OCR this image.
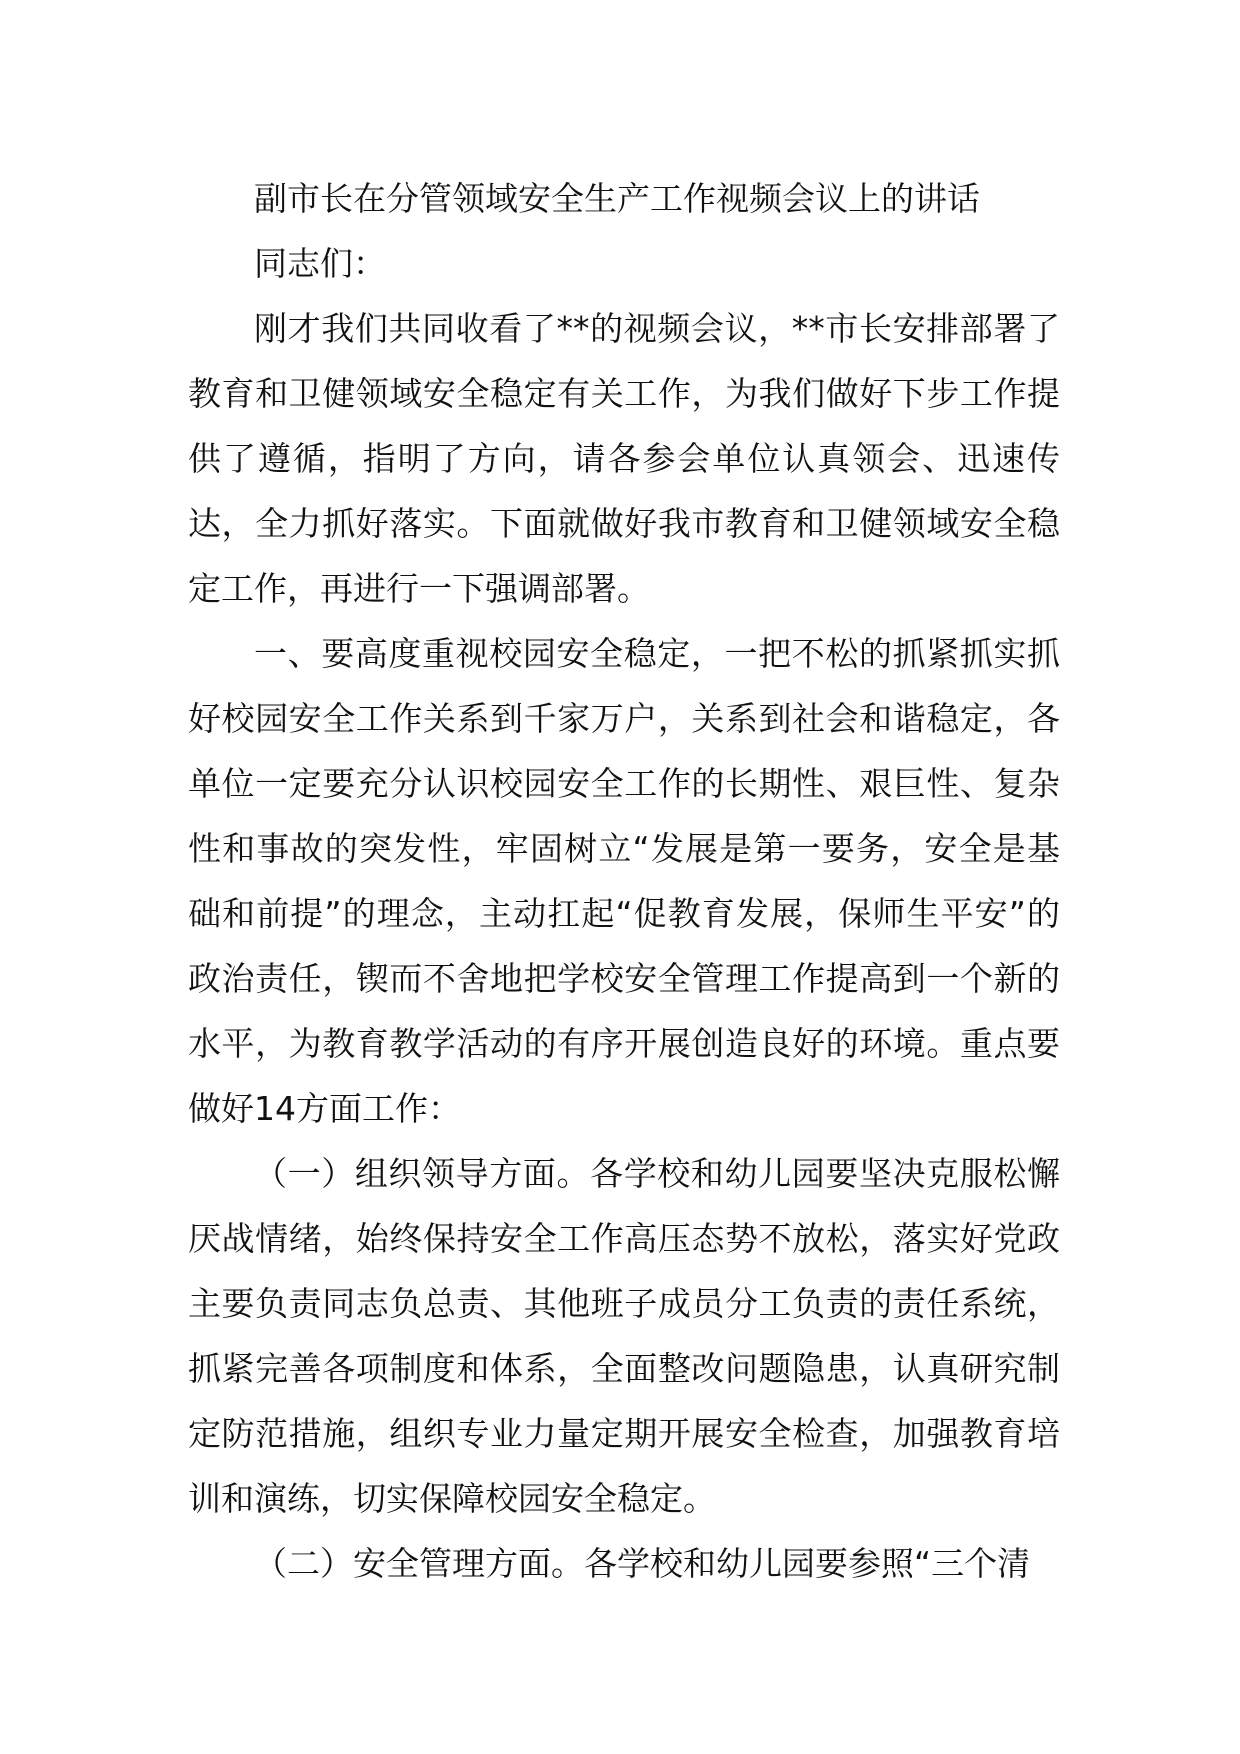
副市长在分管领域安全生产工作视频会议上的讲话

同志们：

刚才我们共同收看了**的视频会议，**市长安排部署了教育和卫健领域安全稳定有关工作，为我们做好下步工作提供了遵循，指明了方向，请各参会单位认真领会、迅速传达，全力抓好落实。下面就做好我市教育和卫健领域安全稳定工作，再进行一下强调部署。

一、要高度重视校园安全稳定，一把不松的抓紧抓实抓好校园安全工作关系到千家万户，关系到社会和谐稳定，各单位一定要充分认识校园安全工作的长期性、艰巨性、复杂性和事故的突发性，牢固树立“发展是第一要务，安全是基础和前提”的理念，主动扛起“促教育发展，保师生平安”的政治责任，锲而不舍地把学校安全管理工作提高到一个新的水平，为教育教学活动的有序开展创造良好的环境。重点要做好14方面工作：

（一）组织领导方面。各学校和幼儿园要坚决克服松懈厌战情绪，始终保持安全工作高压态势不放松，落实好党政主要负责同志负总责、其他班子成员分工负责的责任系统，抓紧完善各项制度和体系，全面整改问题隐患，认真研究制定防范措施，组织专业力量定期开展安全检查，加强教育培训和演练，切实保障校园安全稳定。

（二）安全管理方面。各学校和幼儿园要参照“三个清
